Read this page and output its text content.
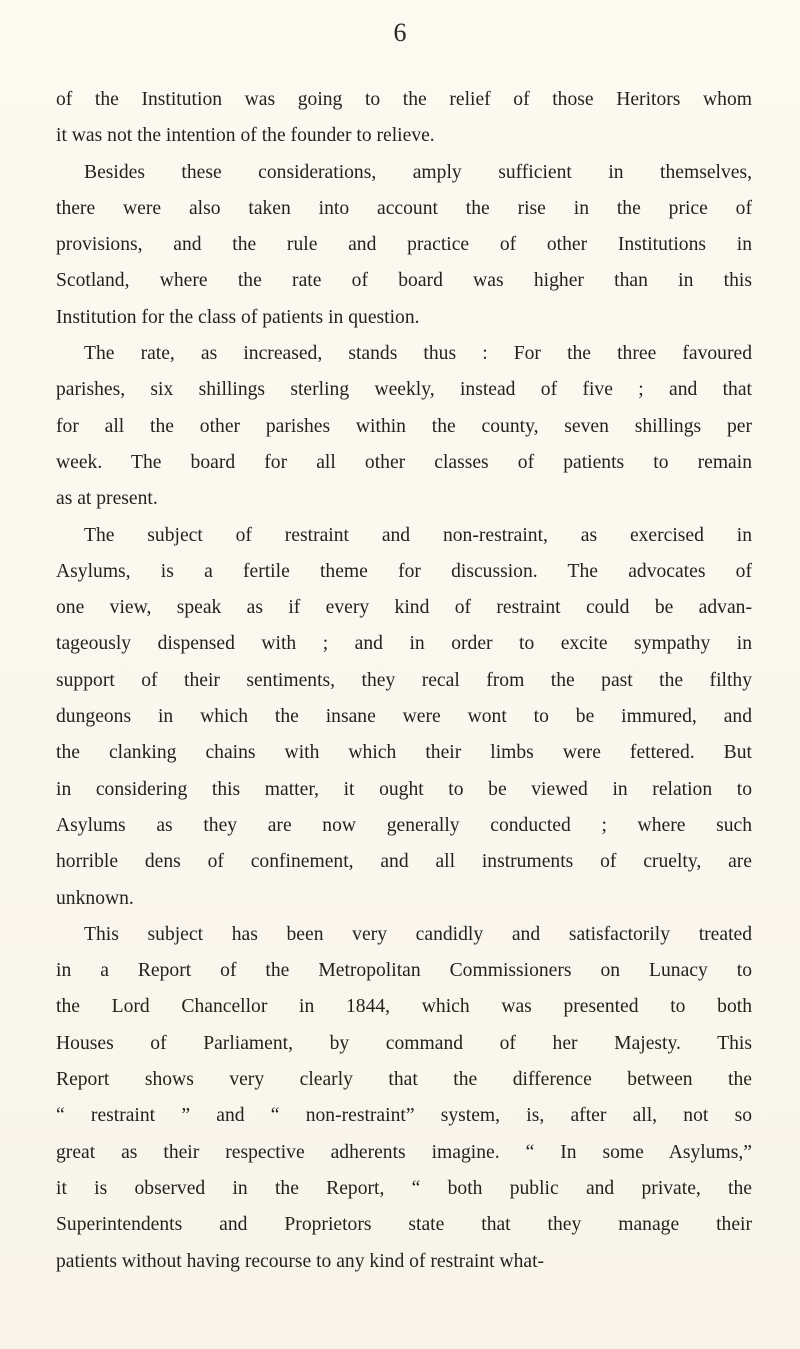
6
of the Institution was going to the relief of those Heritors whom
it was not the intention of the founder to relieve.
Besides these considerations, amply sufficient in themselves,
there were also taken into account the rise in the price of
provisions, and the rule and practice of other Institutions in
Scotland, where the rate of board was higher than in this
Institution for the class of patients in question.
The rate, as increased, stands thus : For the three favoured
parishes, six shillings sterling weekly, instead of five ; and that
for all the other parishes within the county, seven shillings per
week. The board for all other classes of patients to remain
as at present.
The subject of restraint and non-restraint, as exercised in
Asylums, is a fertile theme for discussion. The advocates of
one view, speak as if every kind of restraint could be advan-
tageously dispensed with ; and in order to excite sympathy in
support of their sentiments, they recal from the past the filthy
dungeons in which the insane were wont to be immured, and
the clanking chains with which their limbs were fettered. But
in considering this matter, it ought to be viewed in relation to
Asylums as they are now generally conducted ; where such
horrible dens of confinement, and all instruments of cruelty, are
unknown.
This subject has been very candidly and satisfactorily treated
in a Report of the Metropolitan Commissioners on Lunacy to
the Lord Chancellor in 1844, which was presented to both
Houses of Parliament, by command of her Majesty. This
Report shows very clearly that the difference between the
“ restraint ” and “ non-restraint” system, is, after all, not so
great as their respective adherents imagine. “ In some Asylums,”
it is observed in the Report, “ both public and private, the
Superintendents and Proprietors state that they manage their
patients without having recourse to any kind of restraint what-
